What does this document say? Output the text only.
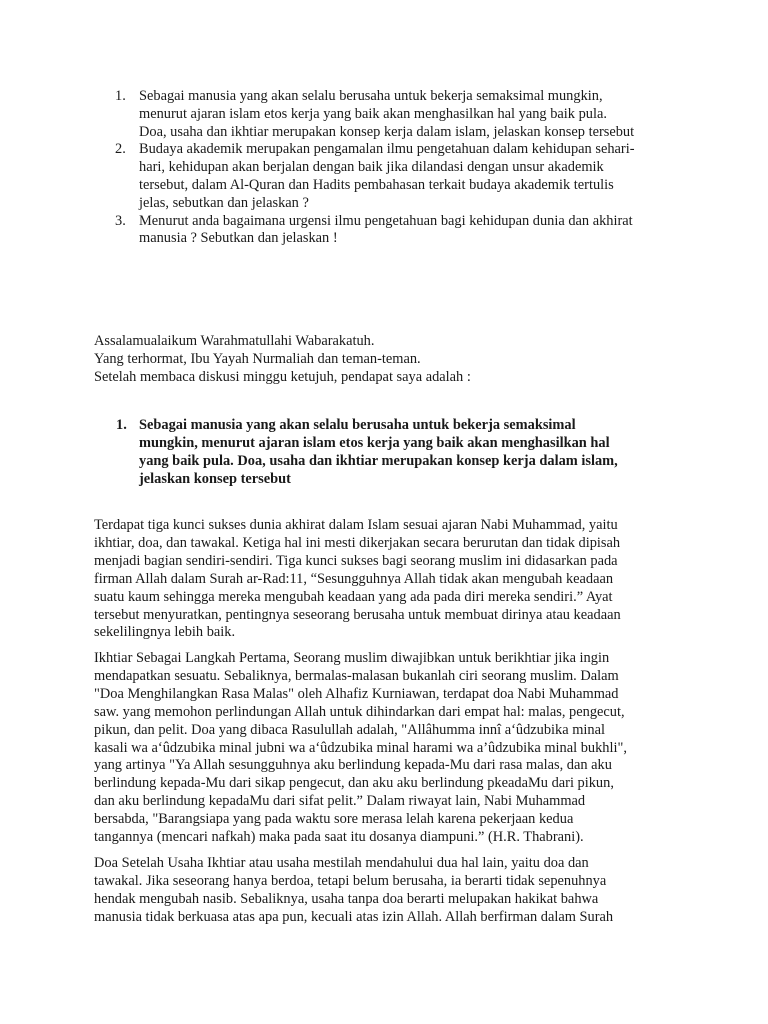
1. Sebagai manusia yang akan selalu berusaha untuk bekerja semaksimal mungkin,
menurut ajaran islam etos kerja yang baik akan menghasilkan hal yang baik pula.
Doa, usaha dan ikhtiar merupakan konsep kerja dalam islam, jelaskan konsep tersebut
2. Budaya akademik merupakan pengamalan ilmu pengetahuan dalam kehidupan sehari-
hari, kehidupan akan berjalan dengan baik jika dilandasi dengan unsur akademik
tersebut, dalam Al-Quran dan Hadits pembahasan terkait budaya akademik tertulis
jelas, sebutkan dan jelaskan ?
3. Menurut anda bagaimana urgensi ilmu pengetahuan bagi kehidupan dunia dan akhirat
manusia ? Sebutkan dan jelaskan !
Assalamualaikum Warahmatullahi Wabarakatuh.
Yang terhormat, Ibu Yayah Nurmaliah dan teman-teman.
Setelah membaca diskusi minggu ketujuh, pendapat saya adalah :
1. Sebagai manusia yang akan selalu berusaha untuk bekerja semaksimal
mungkin, menurut ajaran islam etos kerja yang baik akan menghasilkan hal
yang baik pula. Doa, usaha dan ikhtiar merupakan konsep kerja dalam islam,
jelaskan konsep tersebut
Terdapat tiga kunci sukses dunia akhirat dalam Islam sesuai ajaran Nabi Muhammad, yaitu
ikhtiar, doa, dan tawakal. Ketiga hal ini mesti dikerjakan secara berurutan dan tidak dipisah
menjadi bagian sendiri-sendiri. Tiga kunci sukses bagi seorang muslim ini didasarkan pada
firman Allah dalam Surah ar-Rad:11, “Sesungguhnya Allah tidak akan mengubah keadaan
suatu kaum sehingga mereka mengubah keadaan yang ada pada diri mereka sendiri.” Ayat
tersebut menyuratkan, pentingnya seseorang berusaha untuk membuat dirinya atau keadaan
sekelilingnya lebih baik.
Ikhtiar Sebagai Langkah Pertama, Seorang muslim diwajibkan untuk berikhtiar jika ingin
mendapatkan sesuatu. Sebaliknya, bermalas-malasan bukanlah ciri seorang muslim. Dalam
"Doa Menghilangkan Rasa Malas" oleh Alhafiz Kurniawan, terdapat doa Nabi Muhammad
saw. yang memohon perlindungan Allah untuk dihindarkan dari empat hal: malas, pengecut,
pikun, dan pelit. Doa yang dibaca Rasulullah adalah, "Allâhumma innî a‘ûdzubika minal
kasali wa a‘ûdzubika minal jubni wa a‘ûdzubika minal harami wa a’ûdzubika minal bukhli",
yang artinya "Ya Allah sesungguhnya aku berlindung kepada-Mu dari rasa malas, dan aku
berlindung kepada-Mu dari sikap pengecut, dan aku aku berlindung pkeadaMu dari pikun,
dan aku berlindung kepadaMu dari sifat pelit.” Dalam riwayat lain, Nabi Muhammad
bersabda, "Barangsiapa yang pada waktu sore merasa lelah karena pekerjaan kedua
tangannya (mencari nafkah) maka pada saat itu dosanya diampuni.” (H.R. Thabrani).
Doa Setelah Usaha Ikhtiar atau usaha mestilah mendahului dua hal lain, yaitu doa dan
tawakal. Jika seseorang hanya berdoa, tetapi belum berusaha, ia berarti tidak sepenuhnya
hendak mengubah nasib. Sebaliknya, usaha tanpa doa berarti melupakan hakikat bahwa
manusia tidak berkuasa atas apa pun, kecuali atas izin Allah. Allah berfirman dalam Surah
